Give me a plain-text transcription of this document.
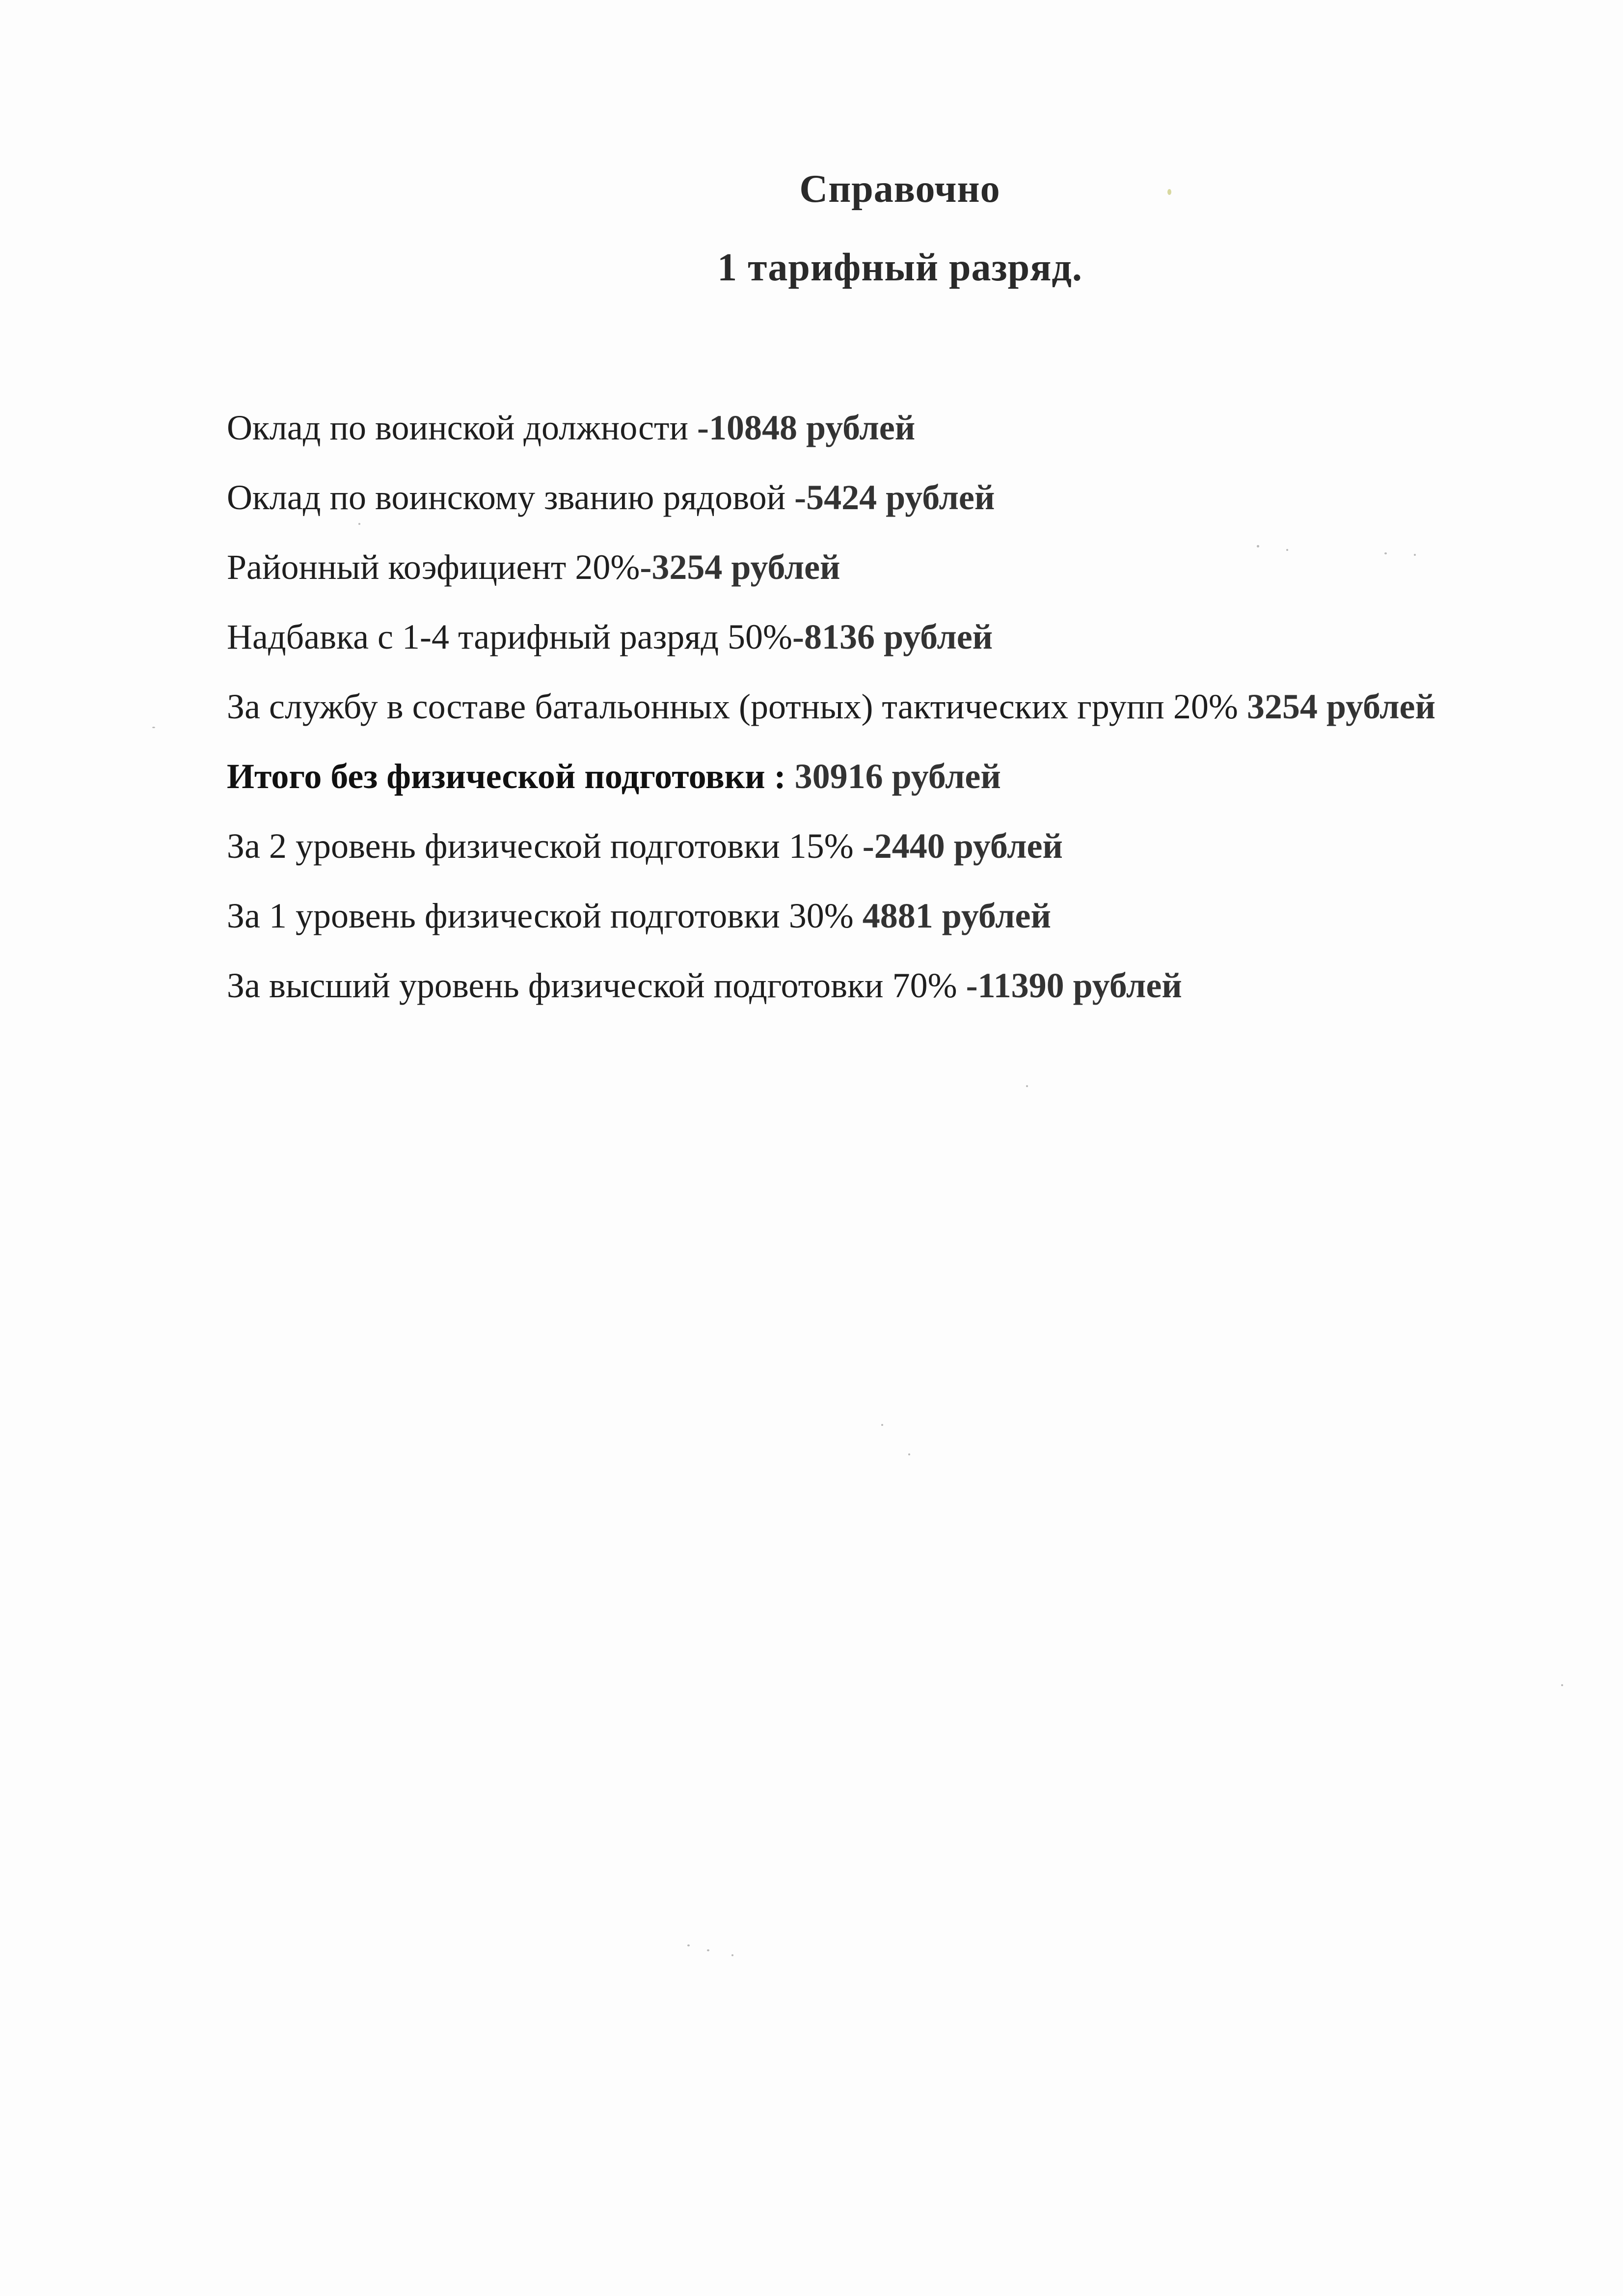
Справочно
1 тарифный разряд.
Оклад по воинской должности -10848 рублей
Оклад по воинскому званию рядовой -5424 рублей
Районный коэфициент 20%-3254 рублей
Надбавка с 1-4 тарифный разряд 50%-8136 рублей
За службу в составе батальонных (ротных) тактических групп 20% 3254 рублей
Итого без физической подготовки : 30916 рублей
За 2 уровень физической подготовки 15% -2440 рублей
За 1 уровень физической подготовки 30% 4881 рублей
За высший уровень физической подготовки 70% -11390 рублей
